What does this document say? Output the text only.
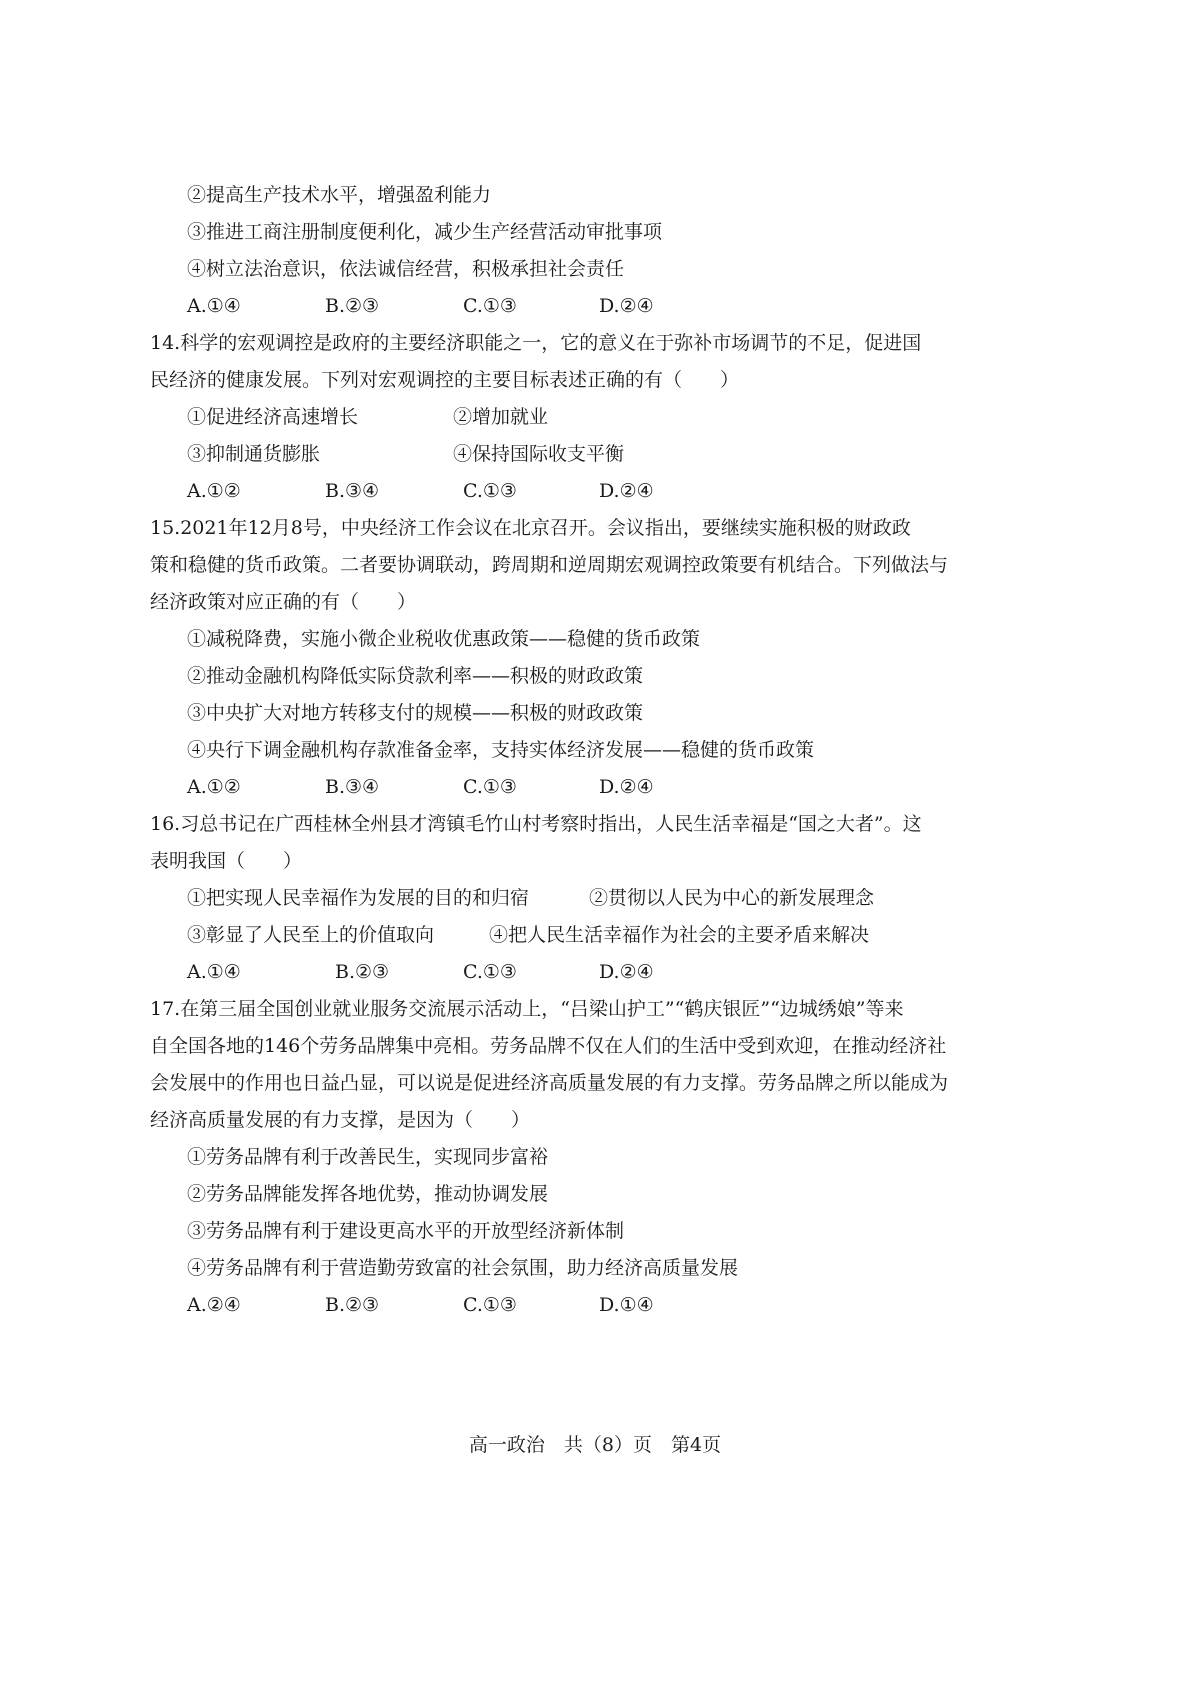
②提高生产技术水平，增强盈利能力
③推进工商注册制度便利化，减少生产经营活动审批事项
④树立法治意识，依法诚信经营，积极承担社会责任
A.①④	B.②③	C.①③	D.②④
14.科学的宏观调控是政府的主要经济职能之一，它的意义在于弥补市场调节的不足，促进国
民经济的健康发展。下列对宏观调控的主要目标表述正确的有（　　）
①促进经济高速增长	②增加就业
③抑制通货膨胀	④保持国际收支平衡
A.①②	B.③④	C.①③	D.②④
15.2021年12月8号，中央经济工作会议在北京召开。会议指出，要继续实施积极的财政政
策和稳健的货币政策。二者要协调联动，跨周期和逆周期宏观调控政策要有机结合。下列做法与
经济政策对应正确的有（　　）
①减税降费，实施小微企业税收优惠政策——稳健的货币政策
②推动金融机构降低实际贷款利率——积极的财政政策
③中央扩大对地方转移支付的规模——积极的财政政策
④央行下调金融机构存款准备金率，支持实体经济发展——稳健的货币政策
A.①②	B.③④	C.①③	D.②④
16.习总书记在广西桂林全州县才湾镇毛竹山村考察时指出，人民生活幸福是“国之大者”。这
表明我国（　　）
①把实现人民幸福作为发展的目的和归宿	②贯彻以人民为中心的新发展理念
③彰显了人民至上的价值取向	④把人民生活幸福作为社会的主要矛盾来解决
A.①④	B.②③	C.①③	D.②④
17.在第三届全国创业就业服务交流展示活动上，“吕梁山护工”“鹤庆银匠”“边城绣娘”等来
自全国各地的146个劳务品牌集中亮相。劳务品牌不仅在人们的生活中受到欢迎，在推动经济社
会发展中的作用也日益凸显，可以说是促进经济高质量发展的有力支撑。劳务品牌之所以能成为
经济高质量发展的有力支撑，是因为（　　）
①劳务品牌有利于改善民生，实现同步富裕
②劳务品牌能发挥各地优势，推动协调发展
③劳务品牌有利于建设更高水平的开放型经济新体制
④劳务品牌有利于营造勤劳致富的社会氛围，助力经济高质量发展
A.②④	B.②③	C.①③	D.①④
高一政治　共（8）页　第4页
